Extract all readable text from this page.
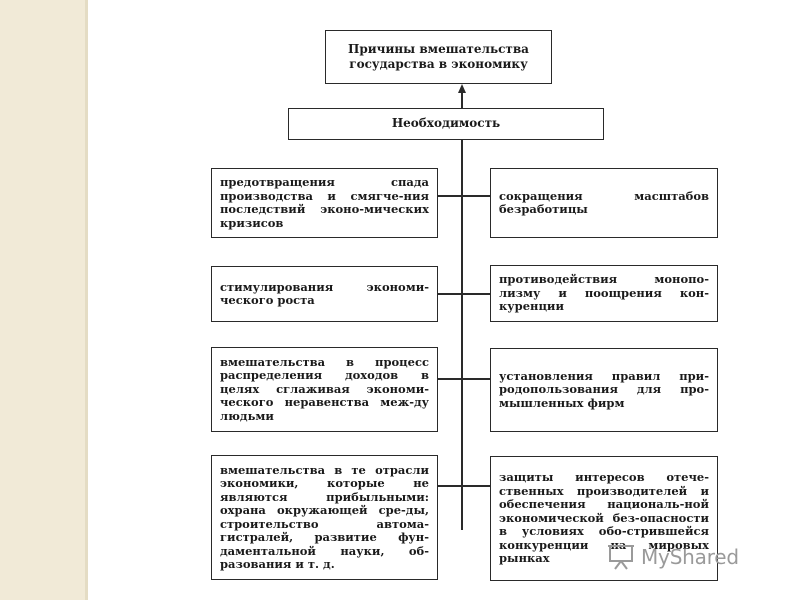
Причины вмешательства государства в экономику
Необходимость
предотвращения спада производства и смягче-ния последствий эконо-мических кризисов
стимулирования экономи-ческого роста
вмешательства в процесс распределения доходов в целях сглаживая экономи-ческого неравенства меж-ду людьми
вмешательства в те отрасли экономики, которые не являются прибыльными: охрана окружающей сре-ды, строительство автома-гистралей, развитие фун-даментальной науки, об-разования и т. д.
сокращения масштабов безработицы
противодействия монопо-лизму и поощрения кон-куренции
установления правил при-родопользования для про-мышленных фирм
защиты интересов отече-ственных производителей и обеспечения националь-ной экономической без-опасности в условиях обо-стрившейся конкуренции на мировых рынках	MyShared
